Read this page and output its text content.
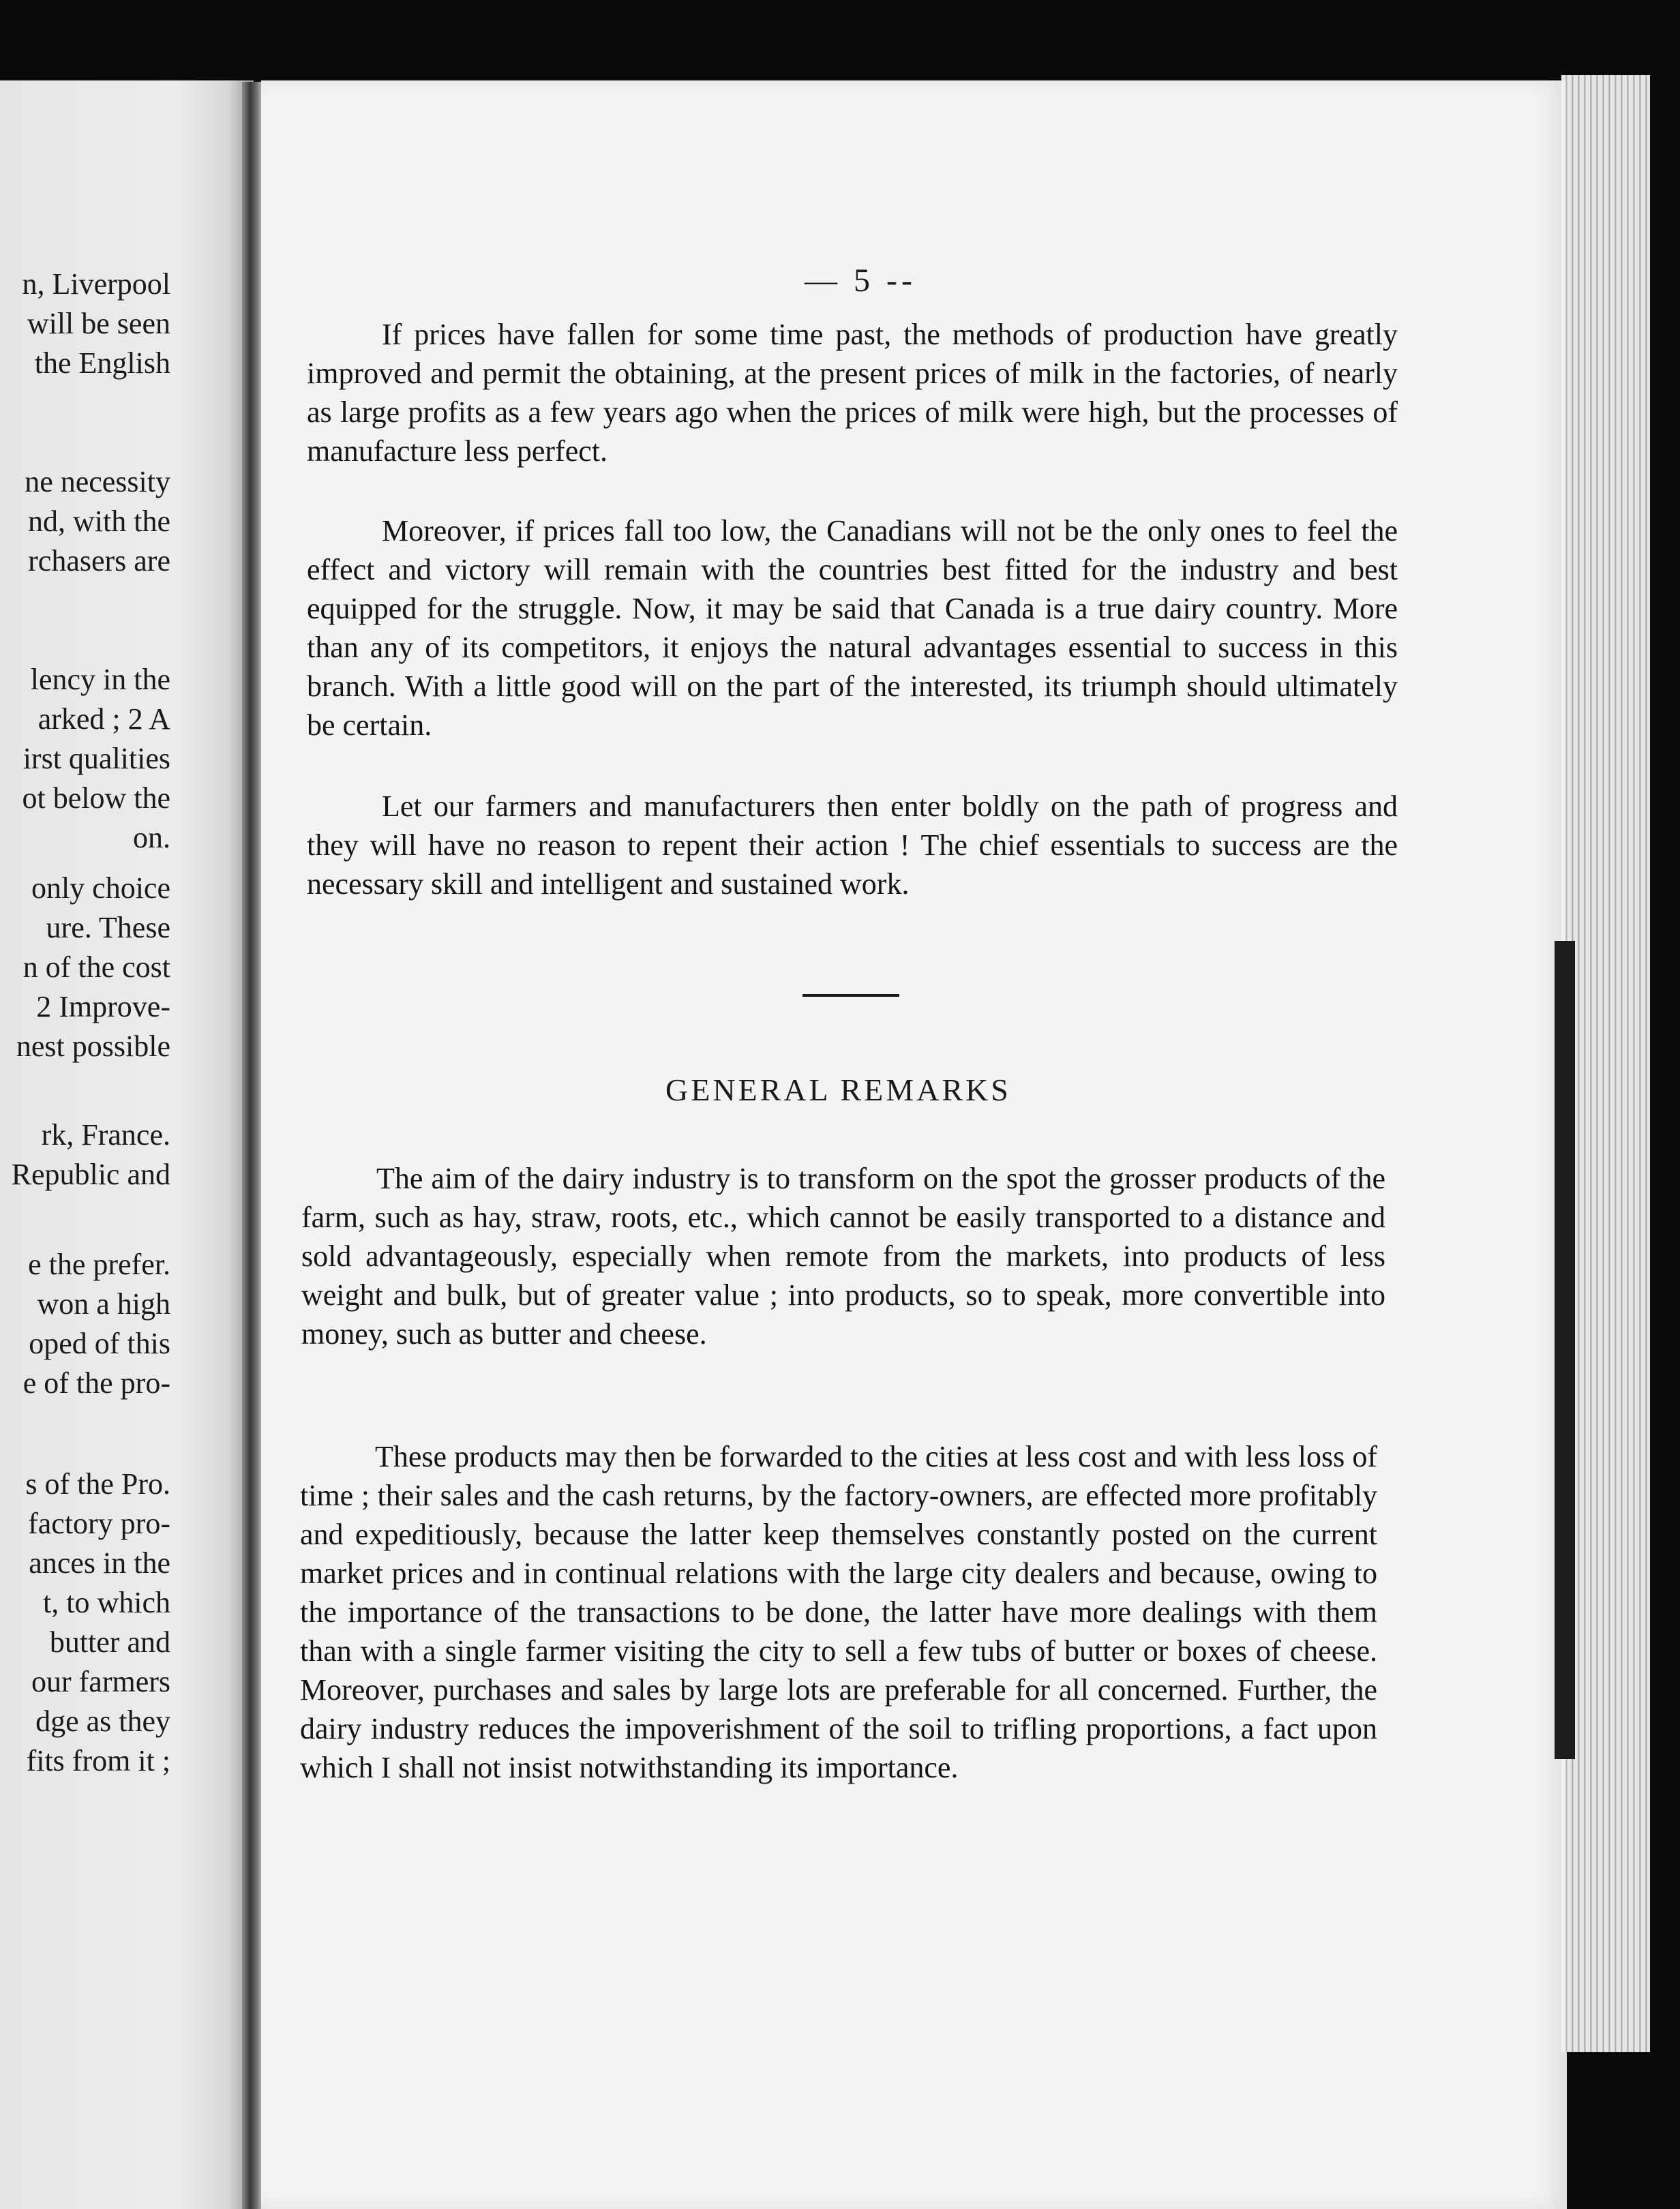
n, Liverpool
will be seen
the English
ne necessity
nd, with the
rchasers are
lency in the
arked ; 2 A
irst qualities
ot below the
on.
only choice
ure. These
n of the cost
2 Improve-
nest possible
rk, France.
Republic and
e the prefer.
won a high
oped of this
e of the pro-
s of the Pro.
factory pro-
ances in the
t, to which
butter and
our farmers
dge as they
fits from it ;
— 5 --
If prices have fallen for some time past, the methods of production have greatly improved and permit the obtaining, at the present prices of milk in the factories, of nearly as large profits as a few years ago when the prices of milk were high, but the processes of manufacture less perfect.
Moreover, if prices fall too low, the Canadians will not be the only ones to feel the effect and victory will remain with the countries best fitted for the industry and best equipped for the struggle. Now, it may be said that Canada is a true dairy country. More than any of its competitors, it enjoys the natural advantages essential to success in this branch. With a little good will on the part of the interested, its triumph should ultimately be certain.
Let our farmers and manufacturers then enter boldly on the path of progress and they will have no reason to repent their action ! The chief essentials to success are the necessary skill and intelligent and sustained work.
GENERAL REMARKS
The aim of the dairy industry is to transform on the spot the grosser products of the farm, such as hay, straw, roots, etc., which cannot be easily transported to a distance and sold advantageously, especially when remote from the markets, into products of less weight and bulk, but of greater value ; into products, so to speak, more convertible into money, such as butter and cheese.
These products may then be forwarded to the cities at less cost and with less loss of time ; their sales and the cash returns, by the factory-owners, are effected more profitably and expeditiously, because the latter keep themselves constantly posted on the current market prices and in continual relations with the large city dealers and because, owing to the importance of the transactions to be done, the latter have more dealings with them than with a single farmer visiting the city to sell a few tubs of butter or boxes of cheese. Moreover, purchases and sales by large lots are preferable for all concerned. Further, the dairy industry reduces the impoverishment of the soil to trifling proportions, a fact upon which I shall not insist notwithstanding its importance.
